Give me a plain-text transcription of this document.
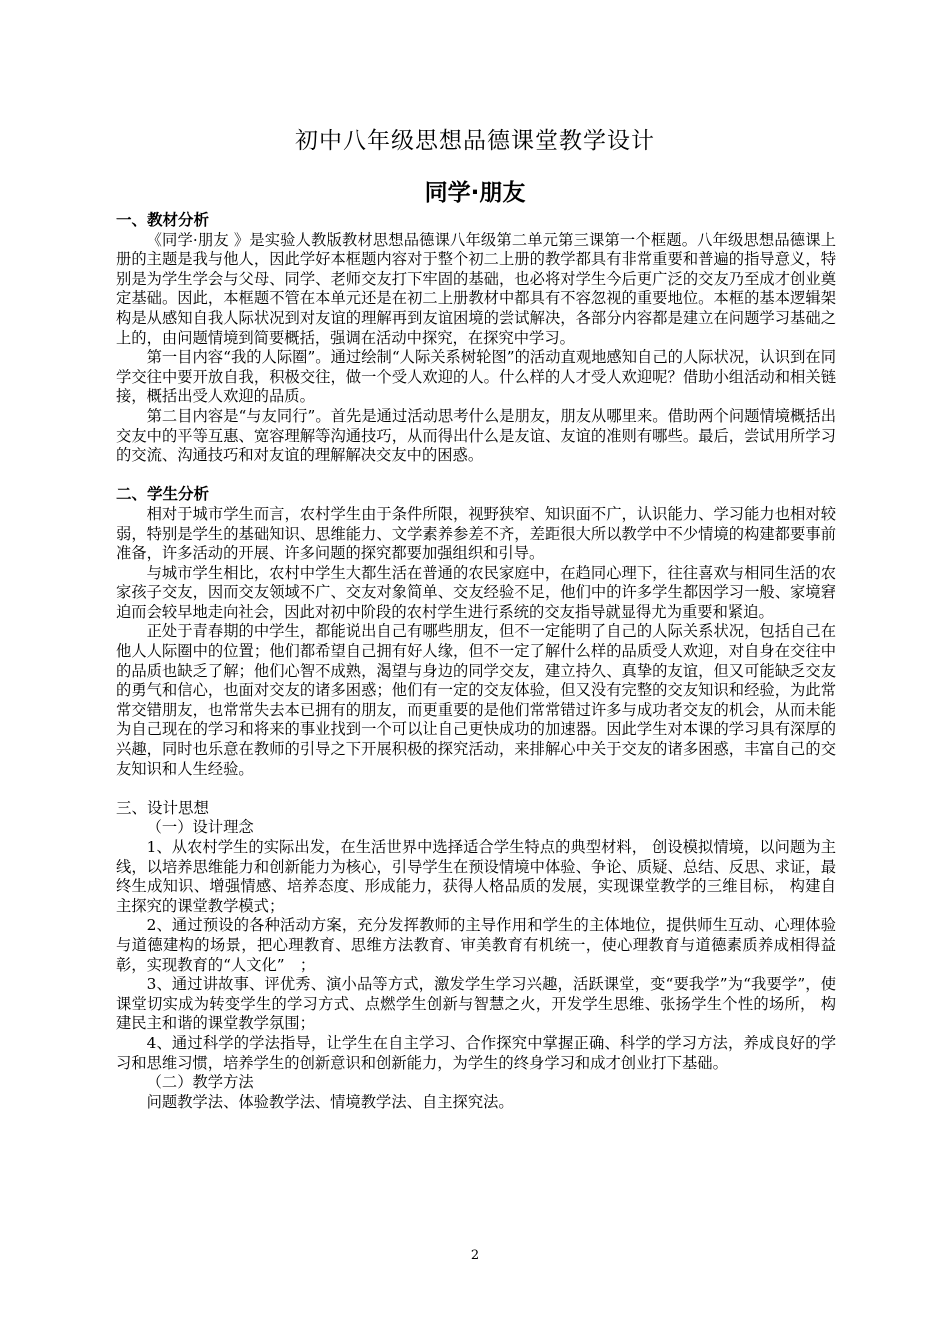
初中八年级思想品德课堂教学设计
同学·朋友
一、教材分析

《同学·朋友 》是实验人教版教材思想品德课八年级第二单元第三课第一个框题。八年级思想品德课上册的主题是我与他人，因此学好本框题内容对于整个初二上册的教学都具有非常重要和普遍的指导意义，特别是为学生学会与父母、同学、老师交友打下牢固的基础，也必将对学生今后更广泛的交友乃至成才创业奠定基础。因此，本框题不管在本单元还是在初二上册教材中都具有不容忽视的重要地位。本框的基本逻辑架构是从感知自我人际状况到对友谊的理解再到友谊困境的尝试解决，各部分内容都是建立在问题学习基础之上的，由问题情境到简要概括，强调在活动中探究，在探究中学习。

第一目内容“我的人际圈”。通过绘制“人际关系树轮图”的活动直观地感知自己的人际状况，认识到在同学交往中要开放自我，积极交往，做一个受人欢迎的人。什么样的人才受人欢迎呢？借助小组活动和相关链接，概括出受人欢迎的品质。

第二目内容是“与友同行”。首先是通过活动思考什么是朋友，朋友从哪里来。借助两个问题情境概括出交友中的平等互惠、宽容理解等沟通技巧，从而得出什么是友谊、友谊的准则有哪些。最后，尝试用所学习的交流、沟通技巧和对友谊的理解解决交友中的困惑。

二、学生分析

相对于城市学生而言，农村学生由于条件所限，视野狭窄、知识面不广，认识能力、学习能力也相对较弱，特别是学生的基础知识、思维能力、文学素养参差不齐，差距很大所以教学中不少情境的构建都要事前准备，许多活动的开展、许多问题的探究都要加强组织和引导。

与城市学生相比，农村中学生大都生活在普通的农民家庭中，在趋同心理下，往往喜欢与相同生活的农家孩子交友，因而交友领域不广、交友对象简单、交友经验不足，他们中的许多学生都因学习一般、家境窘迫而会较早地走向社会，因此对初中阶段的农村学生进行系统的交友指导就显得尤为重要和紧迫。

正处于青春期的中学生，都能说出自己有哪些朋友，但不一定能明了自己的人际关系状况，包括自己在他人人际圈中的位置；他们都希望自己拥有好人缘，但不一定了解什么样的品质受人欢迎，对自身在交往中的品质也缺乏了解；他们心智不成熟，渴望与身边的同学交友，建立持久、真挚的友谊，但又可能缺乏交友的勇气和信心，也面对交友的诸多困惑；他们有一定的交友体验，但又没有完整的交友知识和经验，为此常常交错朋友，也常常失去本已拥有的朋友，而更重要的是他们常常错过许多与成功者交友的机会，从而未能为自己现在的学习和将来的事业找到一个可以让自己更快成功的加速器。因此学生对本课的学习具有深厚的兴趣，同时也乐意在教师的引导之下开展积极的探究活动，来排解心中关于交友的诸多困惑，丰富自己的交友知识和人生经验。

三、设计思想
（一）设计理念

1、从农村学生的实际出发，在生活世界中选择适合学生特点的典型材料， 创设模拟情境，以问题为主线，以培养思维能力和创新能力为核心，引导学生在预设情境中体验、争论、质疑、总结、反思、求证，最终生成知识、增强情感、培养态度、形成能力，获得人格品质的发展，实现课堂教学的三维目标， 构建自主探究的课堂教学模式；

2、通过预设的各种活动方案，充分发挥教师的主导作用和学生的主体地位，提供师生互动、心理体验与道德建构的场景，把心理教育、思维方法教育、审美教育有机统一，使心理教育与道德素质养成相得益彰，实现教育的“人文化”　；

3、通过讲故事、评优秀、演小品等方式，激发学生学习兴趣，活跃课堂，变“要我学”为“我要学”，使课堂切实成为转变学生的学习方式、点燃学生创新与智慧之火，开发学生思维、张扬学生个性的场所， 构建民主和谐的课堂教学氛围；

4、通过科学的学法指导，让学生在自主学习、合作探究中掌握正确、科学的学习方法，养成良好的学习和思维习惯，培养学生的创新意识和创新能力，为学生的终身学习和成才创业打下基础。

（二）教学方法

问题教学法、体验教学法、情境教学法、自主探究法。

2
